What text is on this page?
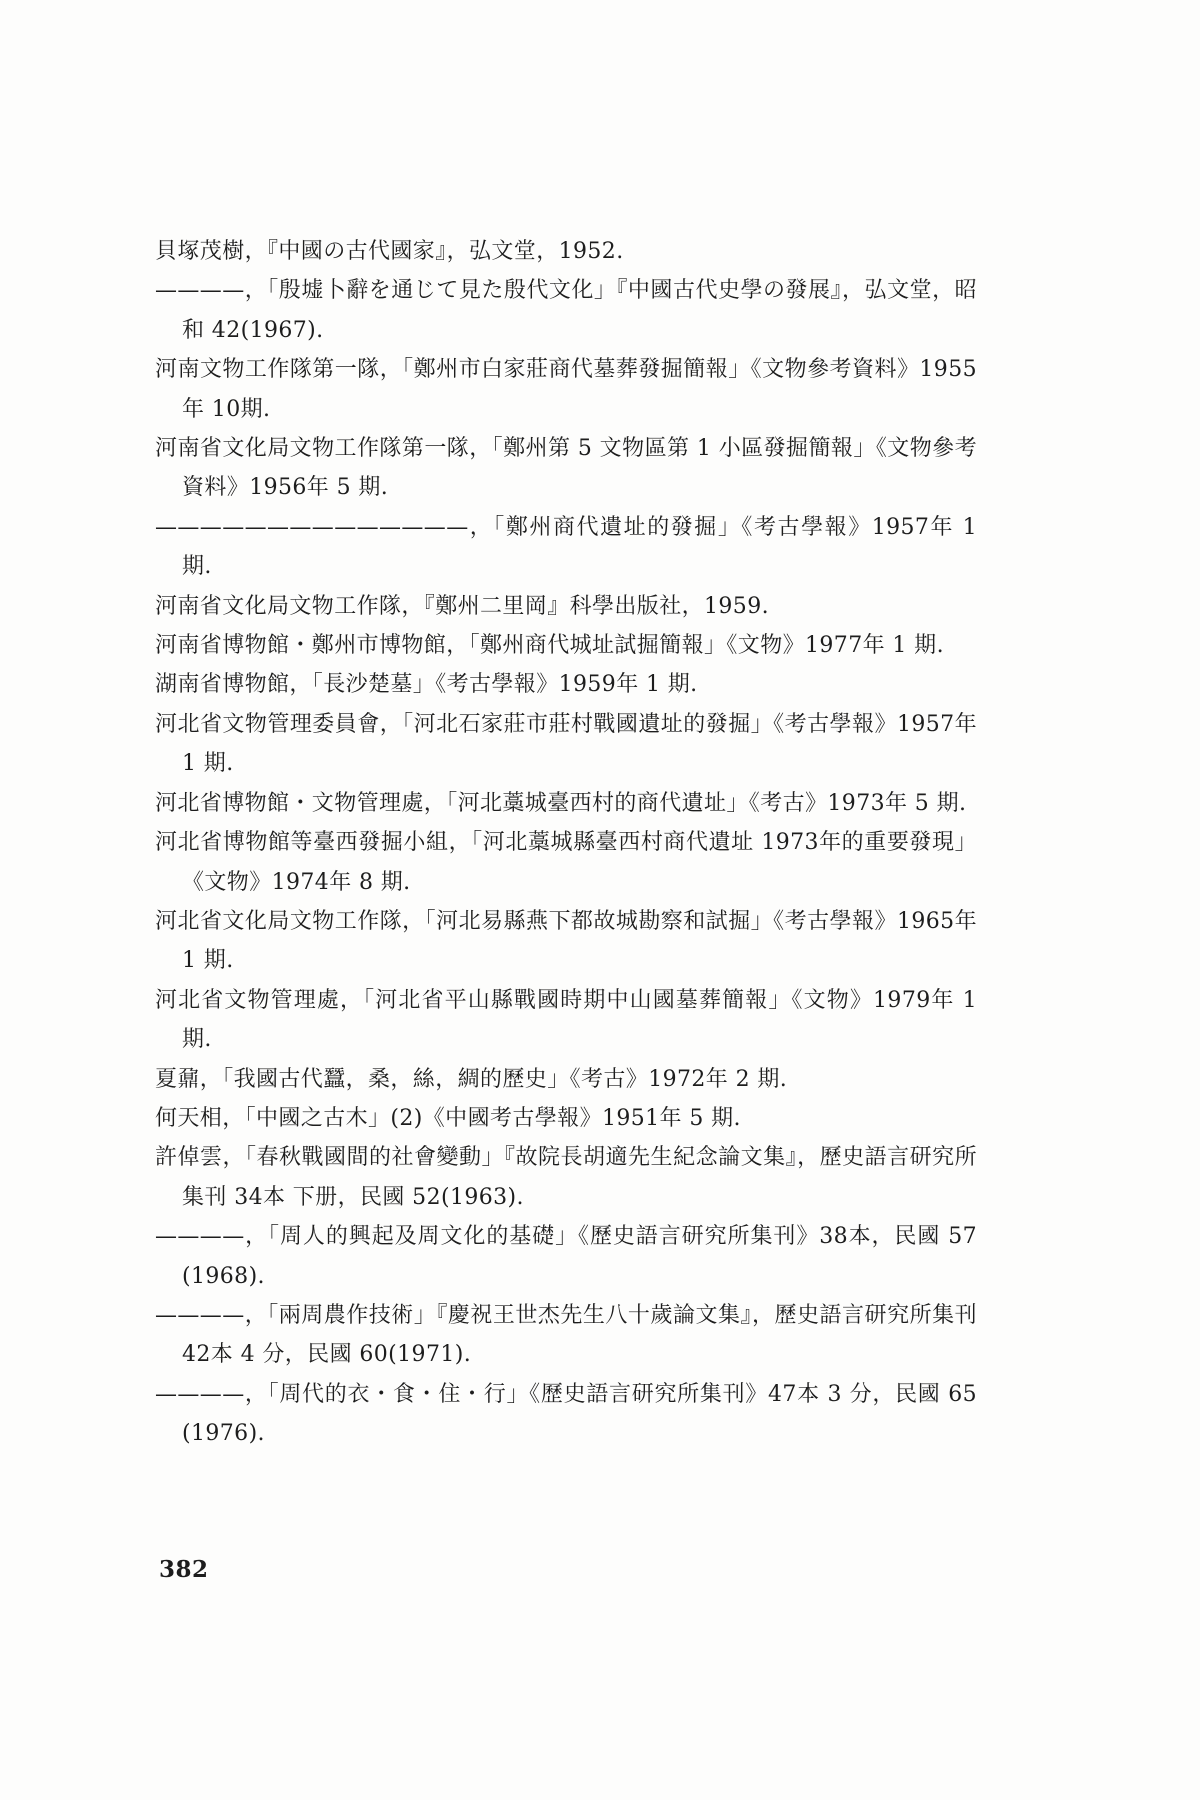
貝塚茂樹，『中國の古代國家』，弘文堂，1952.
————，「殷墟卜辭を通じて見た殷代文化」『中國古代史學の發展』，弘文堂，昭和 42(1967).
河南文物工作隊第一隊，「鄭州市白家莊商代墓葬發掘簡報」《文物參考資料》1955年 10期.
河南省文化局文物工作隊第一隊，「鄭州第 5 文物區第 1 小區發掘簡報」《文物參考資料》1956年 5 期.
——————————————，「鄭州商代遺址的發掘」《考古學報》1957年 1 期.
河南省文化局文物工作隊，『鄭州二里岡』科學出版社，1959.
河南省博物館・鄭州市博物館，「鄭州商代城址試掘簡報」《文物》1977年 1 期.
湖南省博物館，「長沙楚墓」《考古學報》1959年 1 期.
河北省文物管理委員會，「河北石家莊市莊村戰國遺址的發掘」《考古學報》1957年 1 期.
河北省博物館・文物管理處，「河北藁城臺西村的商代遺址」《考古》1973年 5 期.
河北省博物館等臺西發掘小組，「河北藁城縣臺西村商代遺址 1973年的重要發現」《文物》1974年 8 期.
河北省文化局文物工作隊，「河北易縣燕下都故城勘察和試掘」《考古學報》1965年 1 期.
河北省文物管理處，「河北省平山縣戰國時期中山國墓葬簡報」《文物》1979年 1 期.
夏鼐，「我國古代蠶，桑，絲，綢的歷史」《考古》1972年 2 期.
何天相，「中國之古木」(2)《中國考古學報》1951年 5 期.
許倬雲，「春秋戰國間的社會變動」『故院長胡適先生紀念論文集』，歷史語言研究所集刊 34本 下册，民國 52(1963).
————，「周人的興起及周文化的基礎」《歷史語言研究所集刊》38本，民國 57(1968).
————，「兩周農作技術」『慶祝王世杰先生八十歲論文集』，歷史語言研究所集刊 42本 4 分，民國 60(1971).
————，「周代的衣・食・住・行」《歷史語言研究所集刊》47本 3 分，民國 65(1976).
382
